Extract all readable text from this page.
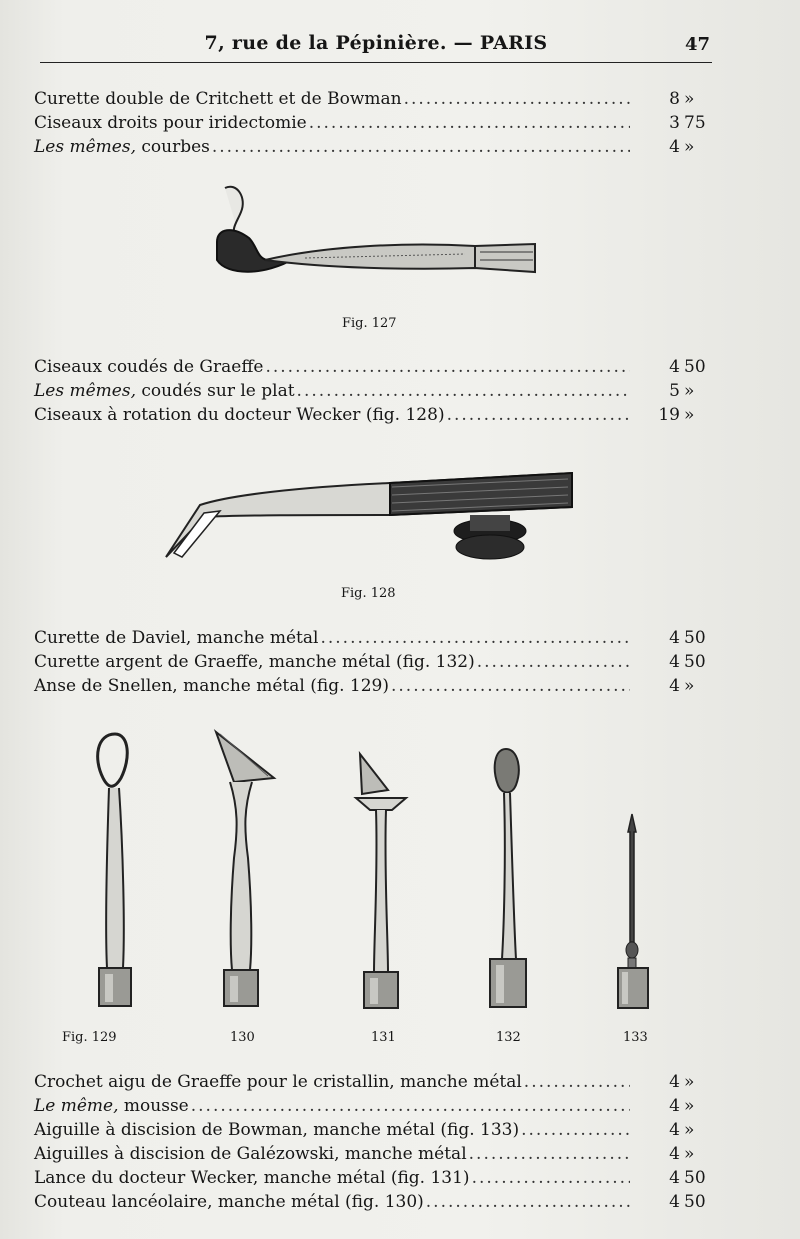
7, rue de la Pépinière. — PARIS	47
Curette double de Critchett et de Bowman .....	8 »
Ciseaux droits pour iridectomie .....	3 75
Les mêmes, courbes .....	4 »
Fig. 127
Ciseaux coudés de Graeffe .....	4 50
Les mêmes, coudés sur le plat .....	5 »
Ciseaux à rotation du docteur Wecker (fig. 128) .....	19 »
Fig. 128
Curette de Daviel, manche métal .....	4 50
Curette argent de Graeffe, manche métal (fig. 132) .....	4 50
Anse de Snellen, manche métal (fig. 129) .....	4 »
Fig. 129	130	131	132	133
Crochet aigu de Graeffe pour le cristallin, manche métal .....	4 »
Le même, mousse .....	4 »
Aiguille à discision de Bowman, manche métal (fig. 133) .....	4 »
Aiguilles à discision de Galézowski, manche métal .....	4 »
Lance du docteur Wecker, manche métal (fig. 131) .....	4 50
Couteau lancéolaire, manche métal (fig. 130) .....	4 50
